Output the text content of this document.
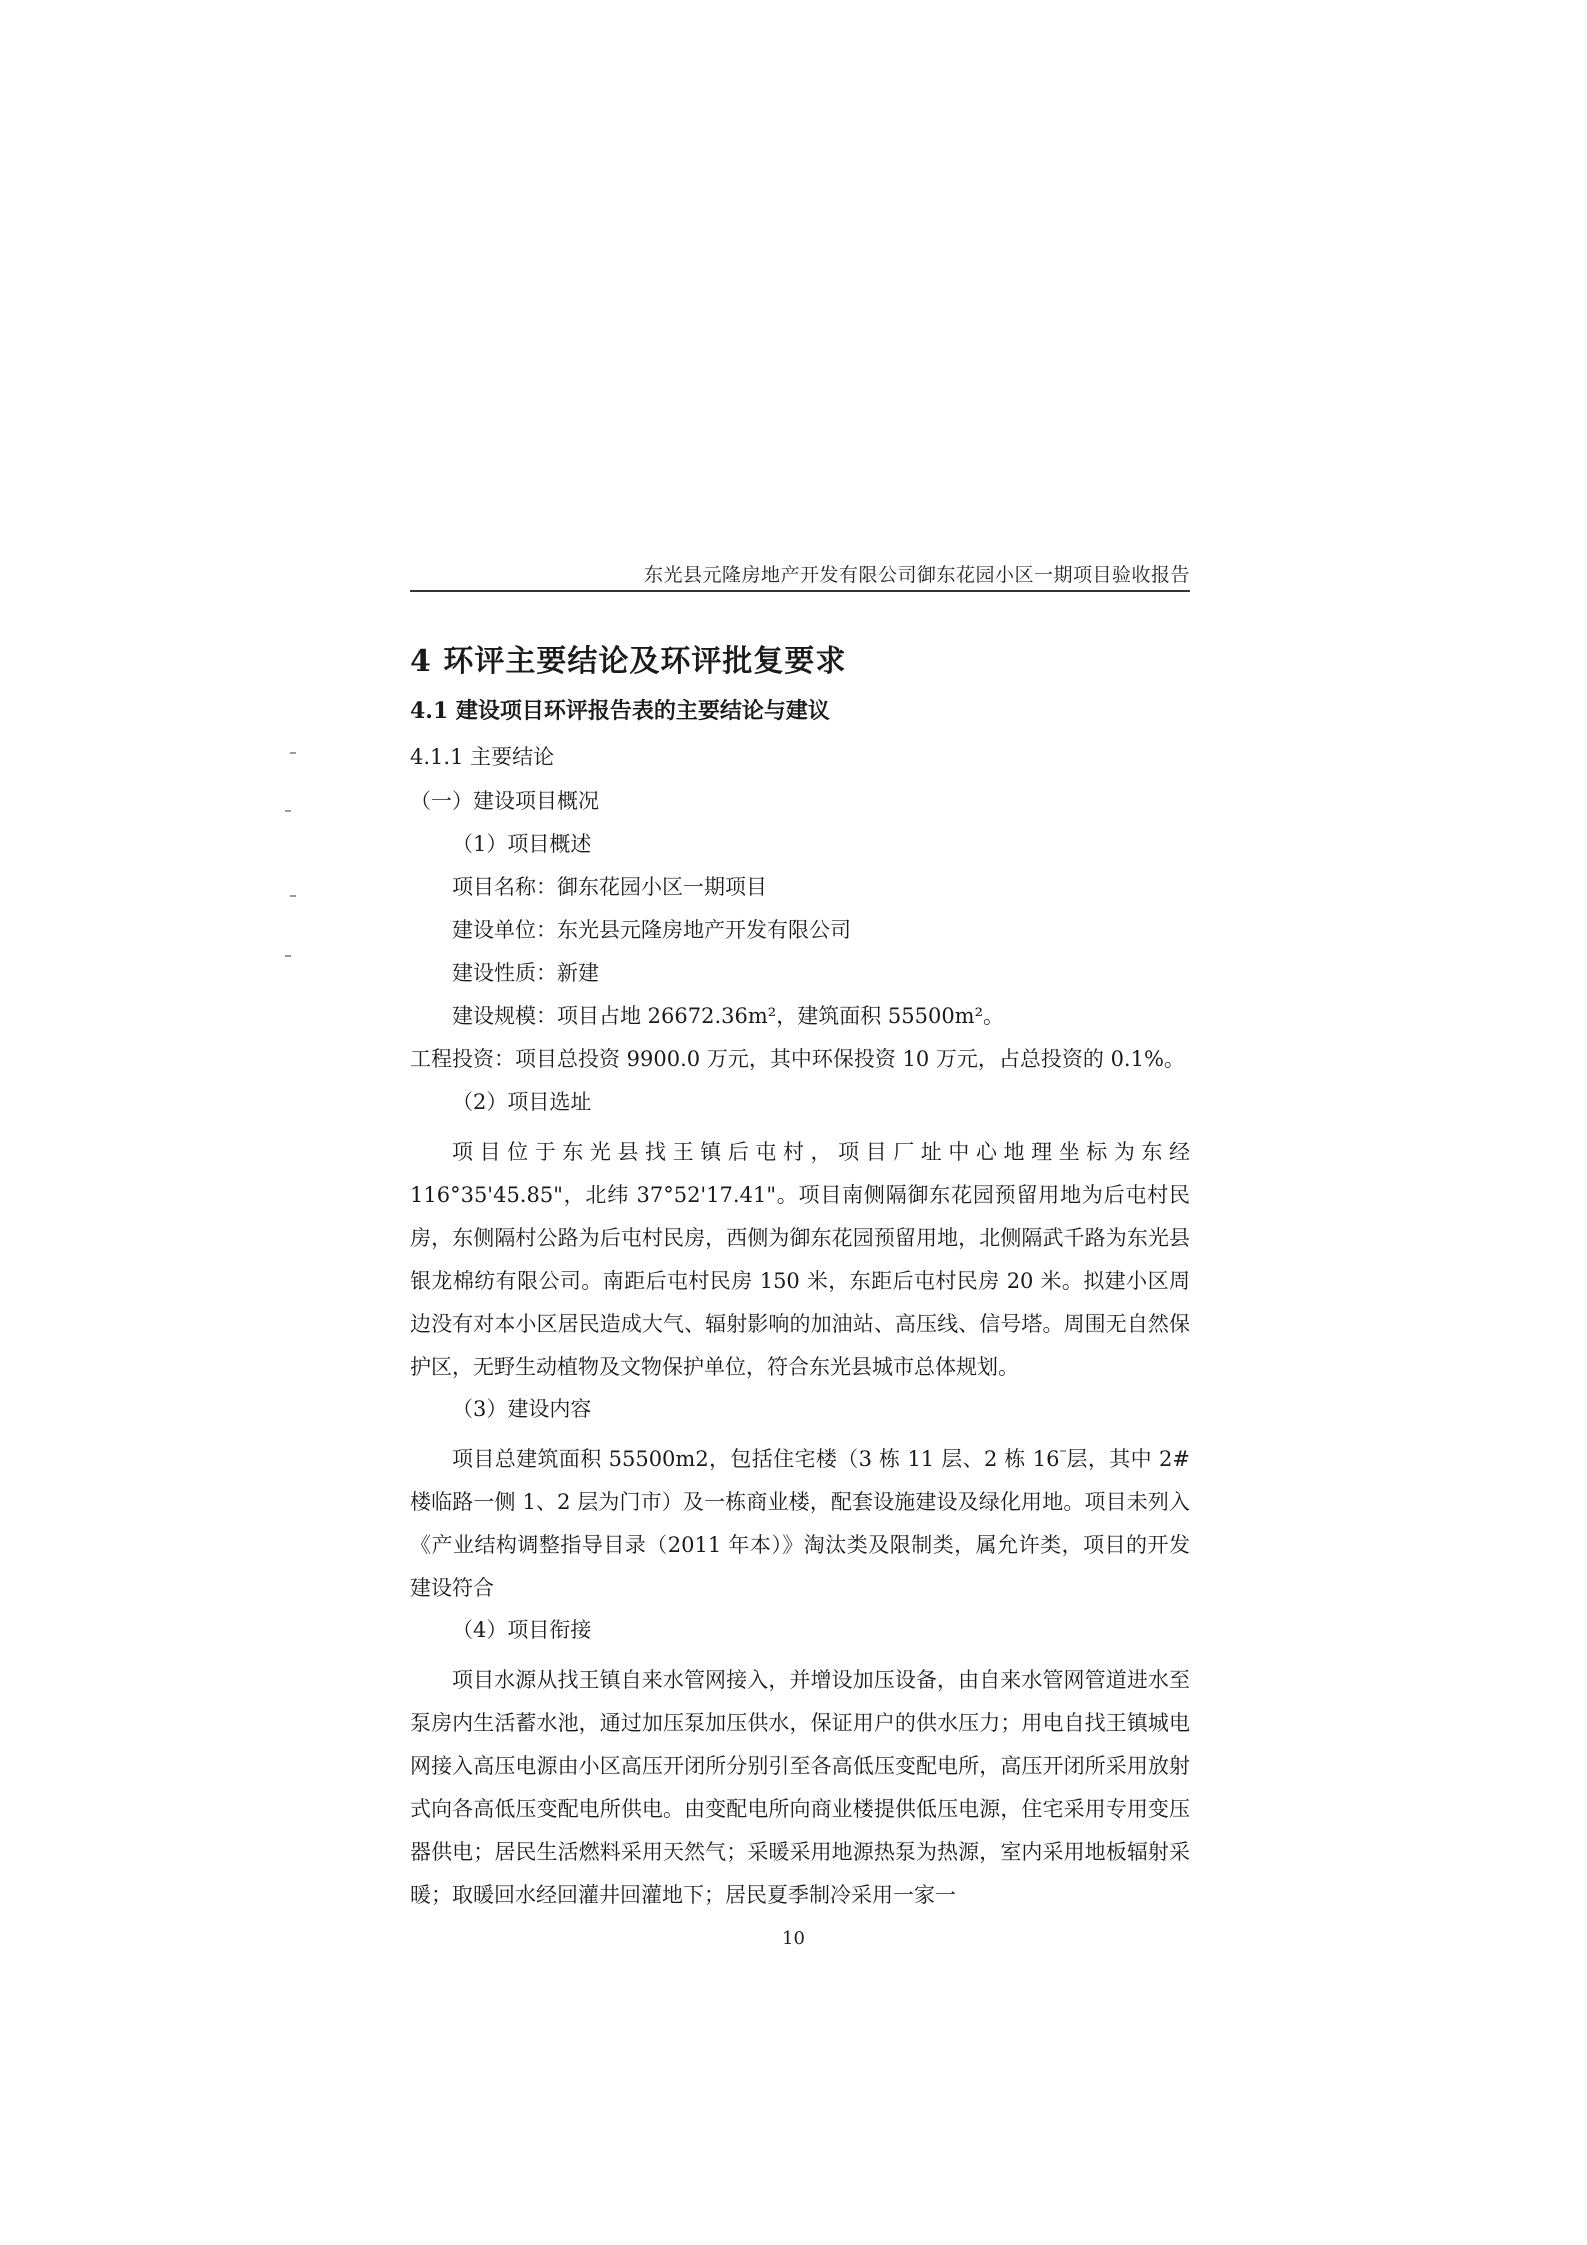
东光县元隆房地产开发有限公司御东花园小区一期项目验收报告
4 环评主要结论及环评批复要求
4.1 建设项目环评报告表的主要结论与建议
4.1.1 主要结论
（一）建设项目概况
（1）项目概述
项目名称：御东花园小区一期项目
建设单位：东光县元隆房地产开发有限公司
建设性质：新建
建设规模：项目占地 26672.36m²，建筑面积 55500m²。
工程投资：项目总投资 9900.0 万元，其中环保投资 10 万元，占总投资的 0.1%。
（2）项目选址
项目位于东光县找王镇后屯村，项目厂址中心地理坐标为东经116°35'45.85"，北纬 37°52'17.41"。项目南侧隔御东花园预留用地为后屯村民房，东侧隔村公路为后屯村民房，西侧为御东花园预留用地，北侧隔武千路为东光县银龙棉纺有限公司。南距后屯村民房 150 米，东距后屯村民房 20 米。拟建小区周边没有对本小区居民造成大气、辐射影响的加油站、高压线、信号塔。周围无自然保护区，无野生动植物及文物保护单位，符合东光县城市总体规划。
（3）建设内容
项目总建筑面积 55500m2，包括住宅楼（3 栋 11 层、2 栋 16 层，其中 2#楼临路一侧 1、2 层为门市）及一栋商业楼，配套设施建设及绿化用地。项目未列入《产业结构调整指导目录（2011 年本）》淘汰类及限制类，属允许类，项目的开发建设符合
（4）项目衔接
项目水源从找王镇自来水管网接入，并增设加压设备，由自来水管网管道进水至泵房内生活蓄水池，通过加压泵加压供水，保证用户的供水压力；用电自找王镇城电网接入高压电源由小区高压开闭所分别引至各高低压变配电所，高压开闭所采用放射式向各高低压变配电所供电。由变配电所向商业楼提供低压电源，住宅采用专用变压器供电；居民生活燃料采用天然气；采暖采用地源热泵为热源，室内采用地板辐射采暖；取暖回水经回灌井回灌地下；居民夏季制冷采用一家一
10
